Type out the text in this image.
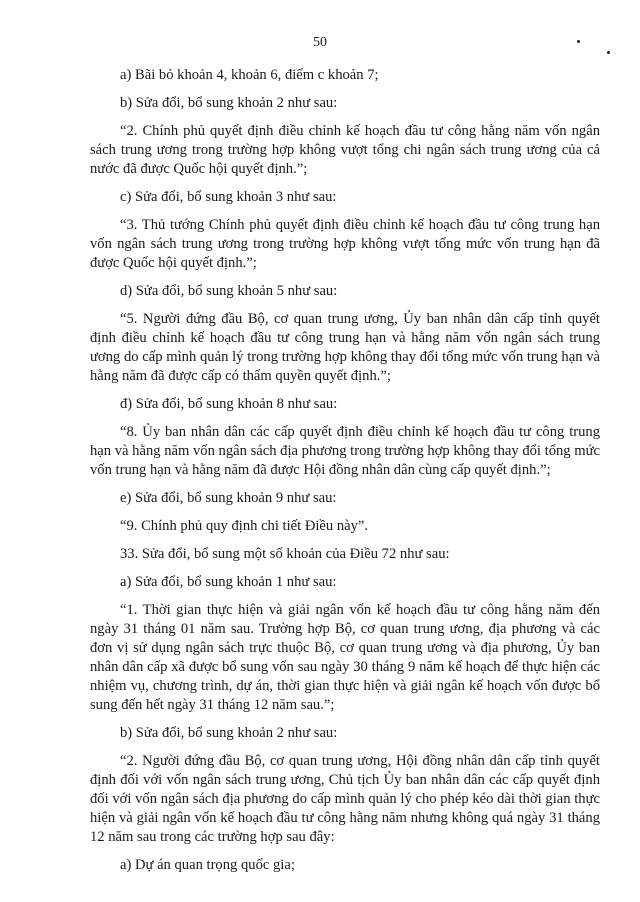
50

a) Bãi bỏ khoản 4, khoản 6, điểm c khoản 7;

b) Sửa đổi, bổ sung khoản 2 như sau:

“2. Chính phủ quyết định điều chỉnh kế hoạch đầu tư công hằng năm vốn ngân sách trung ương trong trường hợp không vượt tổng chi ngân sách trung ương của cả nước đã được Quốc hội quyết định.”;

c) Sửa đổi, bổ sung khoản 3 như sau:

“3. Thủ tướng Chính phủ quyết định điều chỉnh kế hoạch đầu tư công trung hạn vốn ngân sách trung ương trong trường hợp không vượt tổng mức vốn trung hạn đã được Quốc hội quyết định.”;

d) Sửa đổi, bổ sung khoản 5 như sau:

“5. Người đứng đầu Bộ, cơ quan trung ương, Ủy ban nhân dân cấp tỉnh quyết định điều chỉnh kế hoạch đầu tư công trung hạn và hằng năm vốn ngân sách trung ương do cấp mình quản lý trong trường hợp không thay đổi tổng mức vốn trung hạn và hằng năm đã được cấp có thẩm quyền quyết định.”;

đ) Sửa đổi, bổ sung khoản 8 như sau:

“8. Ủy ban nhân dân các cấp quyết định điều chỉnh kế hoạch đầu tư công trung hạn và hằng năm vốn ngân sách địa phương trong trường hợp không thay đổi tổng mức vốn trung hạn và hằng năm đã được Hội đồng nhân dân cùng cấp quyết định.”;

e) Sửa đổi, bổ sung khoản 9 như sau:

“9. Chính phủ quy định chi tiết Điều này”.

33. Sửa đổi, bổ sung một số khoản của Điều 72 như sau:

a) Sửa đổi, bổ sung khoản 1 như sau:

“1. Thời gian thực hiện và giải ngân vốn kế hoạch đầu tư công hằng năm đến ngày 31 tháng 01 năm sau. Trường hợp Bộ, cơ quan trung ương, địa phương và các đơn vị sử dụng ngân sách trực thuộc Bộ, cơ quan trung ương và địa phương, Ủy ban nhân dân cấp xã được bổ sung vốn sau ngày 30 tháng 9 năm kế hoạch để thực hiện các nhiệm vụ, chương trình, dự án, thời gian thực hiện và giải ngân kế hoạch vốn được bổ sung đến hết ngày 31 tháng 12 năm sau.”;

b) Sửa đổi, bổ sung khoản 2 như sau:

“2. Người đứng đầu Bộ, cơ quan trung ương, Hội đồng nhân dân cấp tỉnh quyết định đối với vốn ngân sách trung ương, Chủ tịch Ủy ban nhân dân các cấp quyết định đối với vốn ngân sách địa phương do cấp mình quản lý cho phép kéo dài thời gian thực hiện và giải ngân vốn kế hoạch đầu tư công hằng năm nhưng không quá ngày 31 tháng 12 năm sau trong các trường hợp sau đây:

a) Dự án quan trọng quốc gia;
